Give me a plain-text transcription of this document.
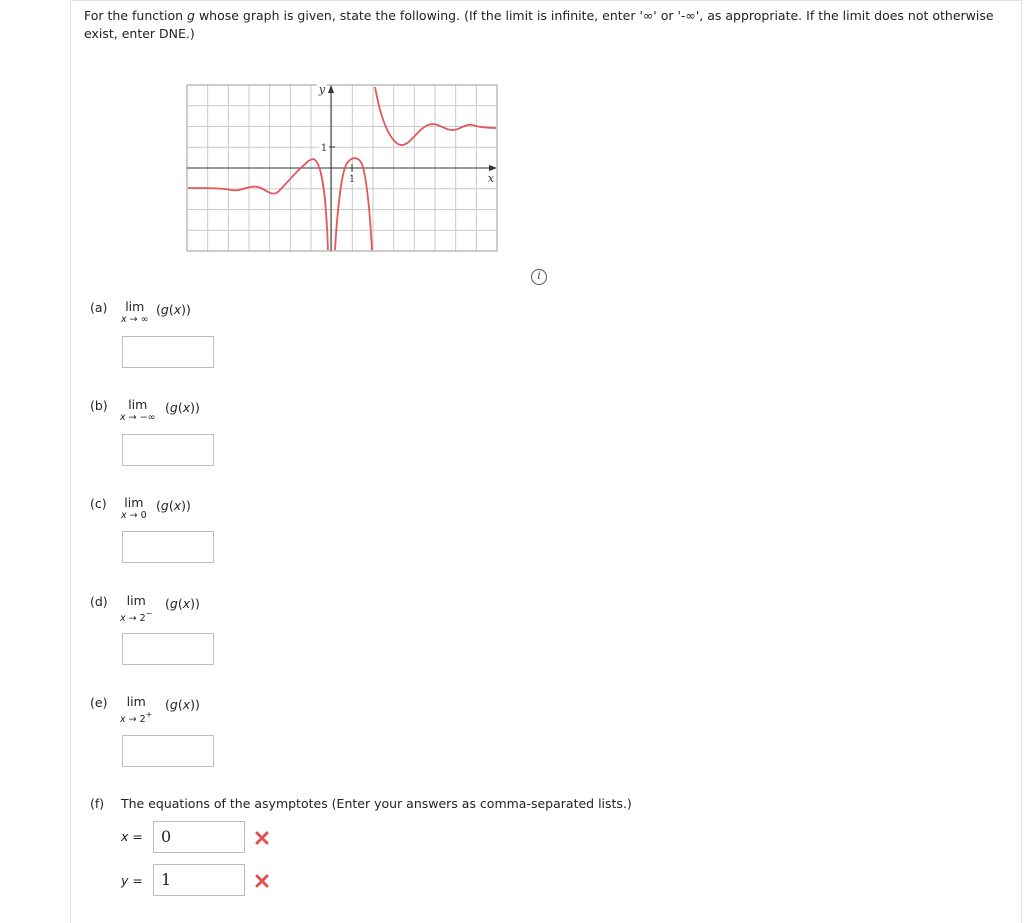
For the function g whose graph is given, state the following. (If the limit is infinite, enter '∞' or '-∞', as appropriate. If the limit does not otherwise exist, enter DNE.)
1
1
y
x
i
(a)	lim
x → ∞
(g(x))
(b)	lim
x → −∞
(g(x))
(c) lim
x → 0
(g(x))
(d)	lim
x → 2−
(g(x))
(e)	lim
x → 2+
(g(x))
(f) The equations of the asymptotes (Enter your answers as comma-separated lists.)
x =	0
y =	1
